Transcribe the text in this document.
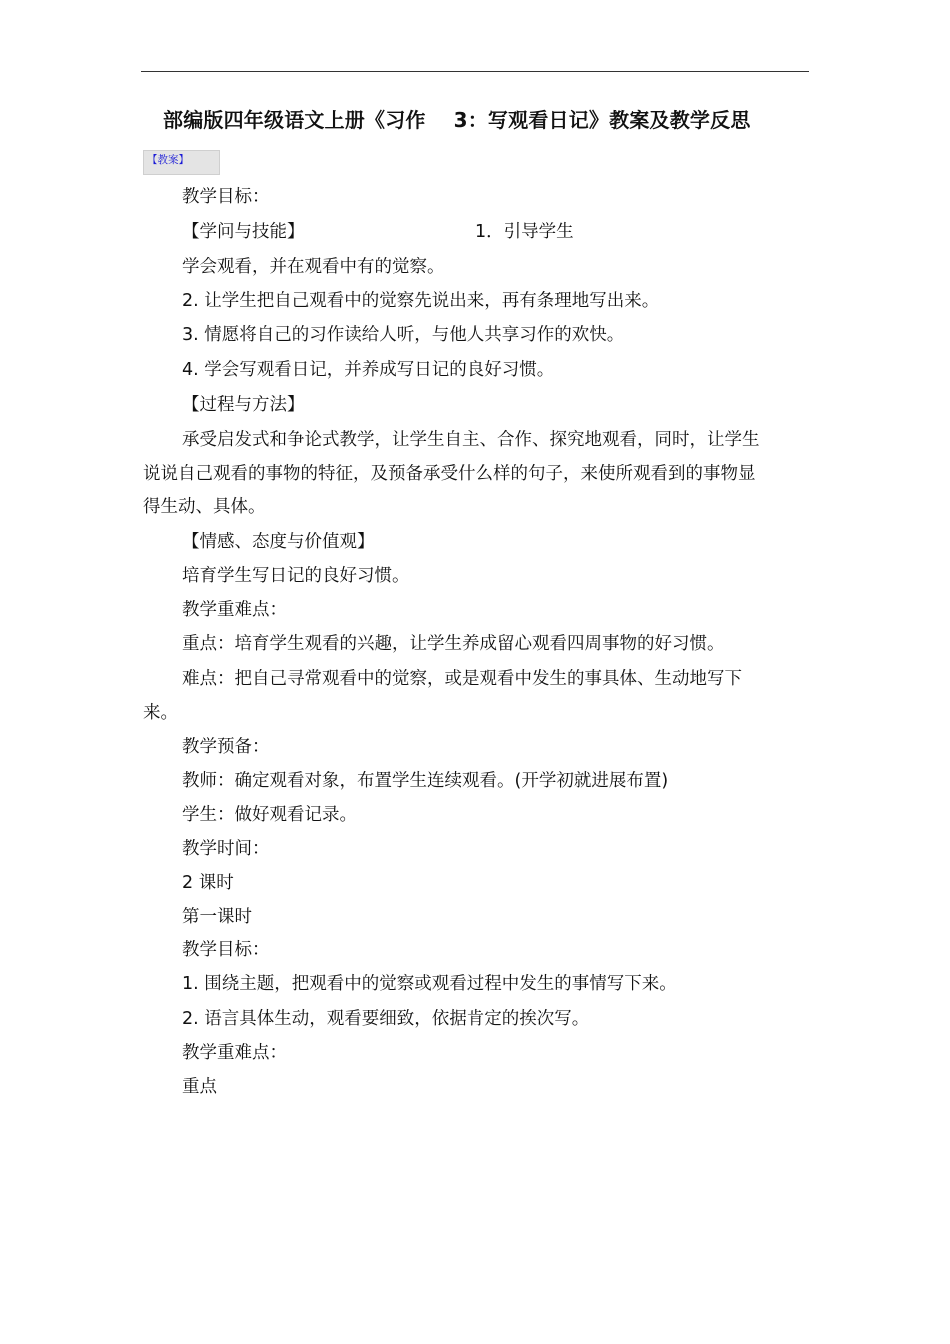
部编版四年级语文上册《习作 3：写观看日记》教案及教学反思
【教案】
教学目标：
【学问与技能】	1．引导学生
学会观看，并在观看中有的觉察。
2. 让学生把自己观看中的觉察先说出来，再有条理地写出来。
3. 情愿将自己的习作读给人听，与他人共享习作的欢快。
4. 学会写观看日记，并养成写日记的良好习惯。
【过程与方法】
承受启发式和争论式教学，让学生自主、合作、探究地观看，同时，让学生
说说自己观看的事物的特征，及预备承受什么样的句子，来使所观看到的事物显
得生动、具体。
【情感、态度与价值观】
培育学生写日记的良好习惯。
教学重难点：
重点：培育学生观看的兴趣，让学生养成留心观看四周事物的好习惯。
难点：把自己寻常观看中的觉察，或是观看中发生的事具体、生动地写下
来。
教学预备：
教师：确定观看对象，布置学生连续观看。(开学初就进展布置)
学生：做好观看记录。
教学时间：
2 课时
第一课时
教学目标：
1. 围绕主题，把观看中的觉察或观看过程中发生的事情写下来。
2. 语言具体生动，观看要细致，依据肯定的挨次写。
教学重难点：
重点
